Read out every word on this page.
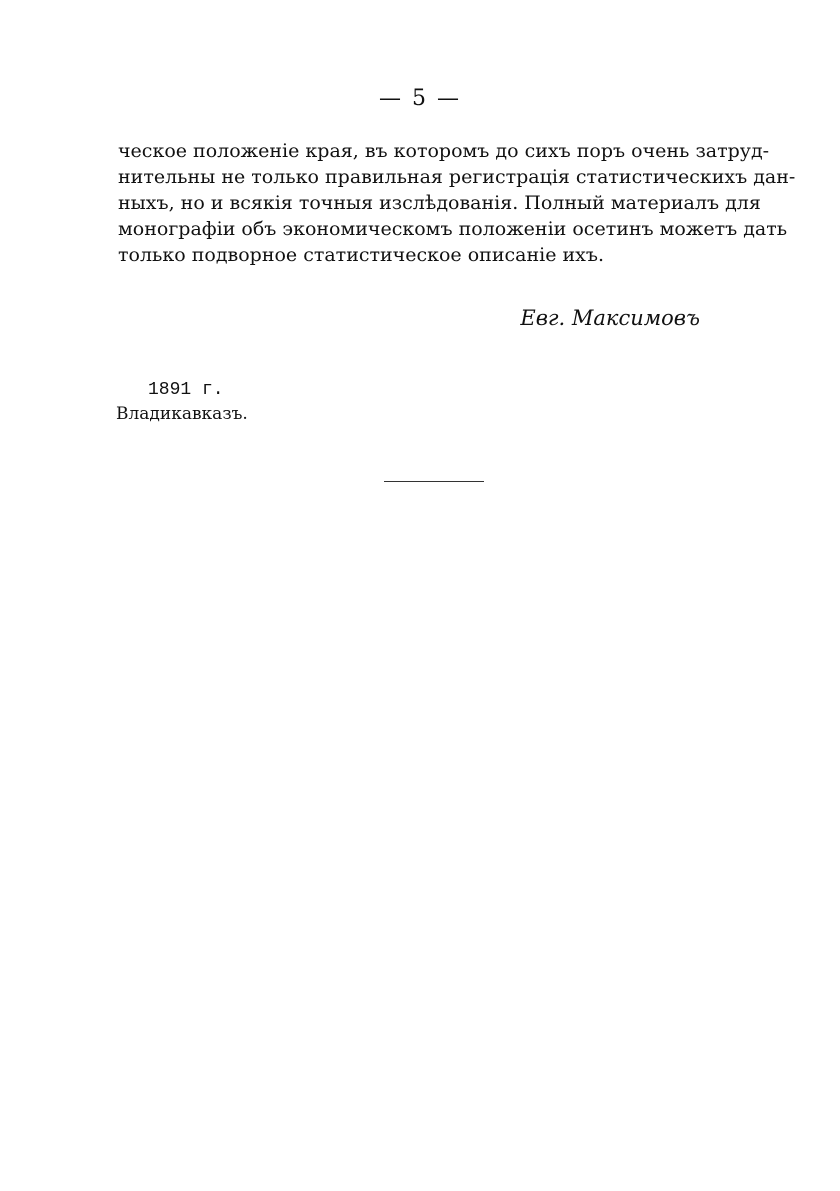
— 5 —
ческое положенiе края, въ которомъ до сихъ поръ очень затруд-
нительны не только правильная регистрацiя статистическихъ дан-
ныхъ, но и всякiя точныя изслѣдованiя. Полный материалъ для
монографiи объ экономическомъ положенiи осетинъ можетъ дать
только подворное статистическое описанiе ихъ.
Евг. Максимовъ
1891 г.
Владикавказъ.
